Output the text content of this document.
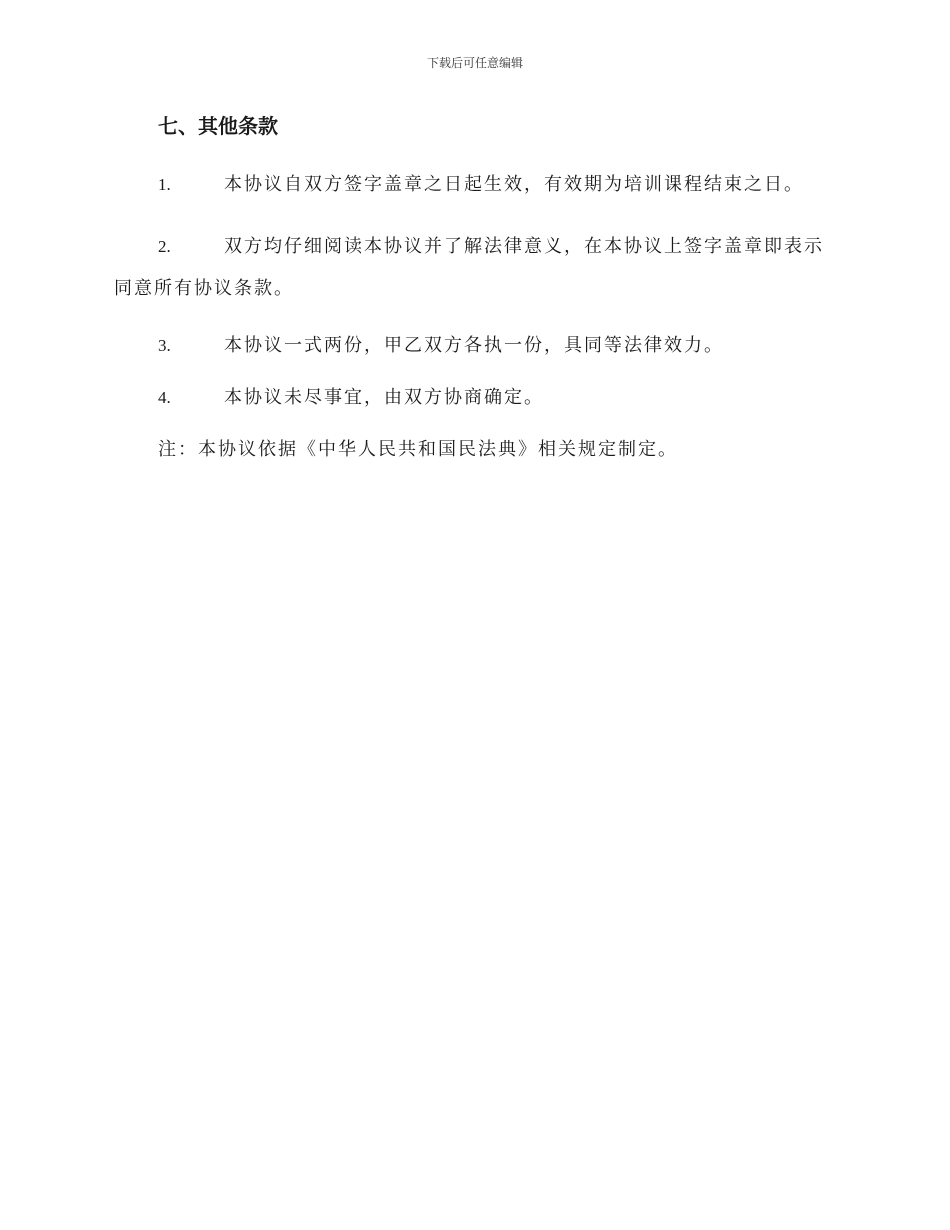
下载后可任意编辑
七、其他条款

1.	本协议自双方签字盖章之日起生效，有效期为培训课程结束之日。

2.	双方均仔细阅读本协议并了解法律意义，在本协议上签字盖章即表示同意所有协议条款。

3.	本协议一式两份，甲乙双方各执一份，具同等法律效力。

4.	本协议未尽事宜，由双方协商确定。

注：本协议依据《中华人民共和国民法典》相关规定制定。
